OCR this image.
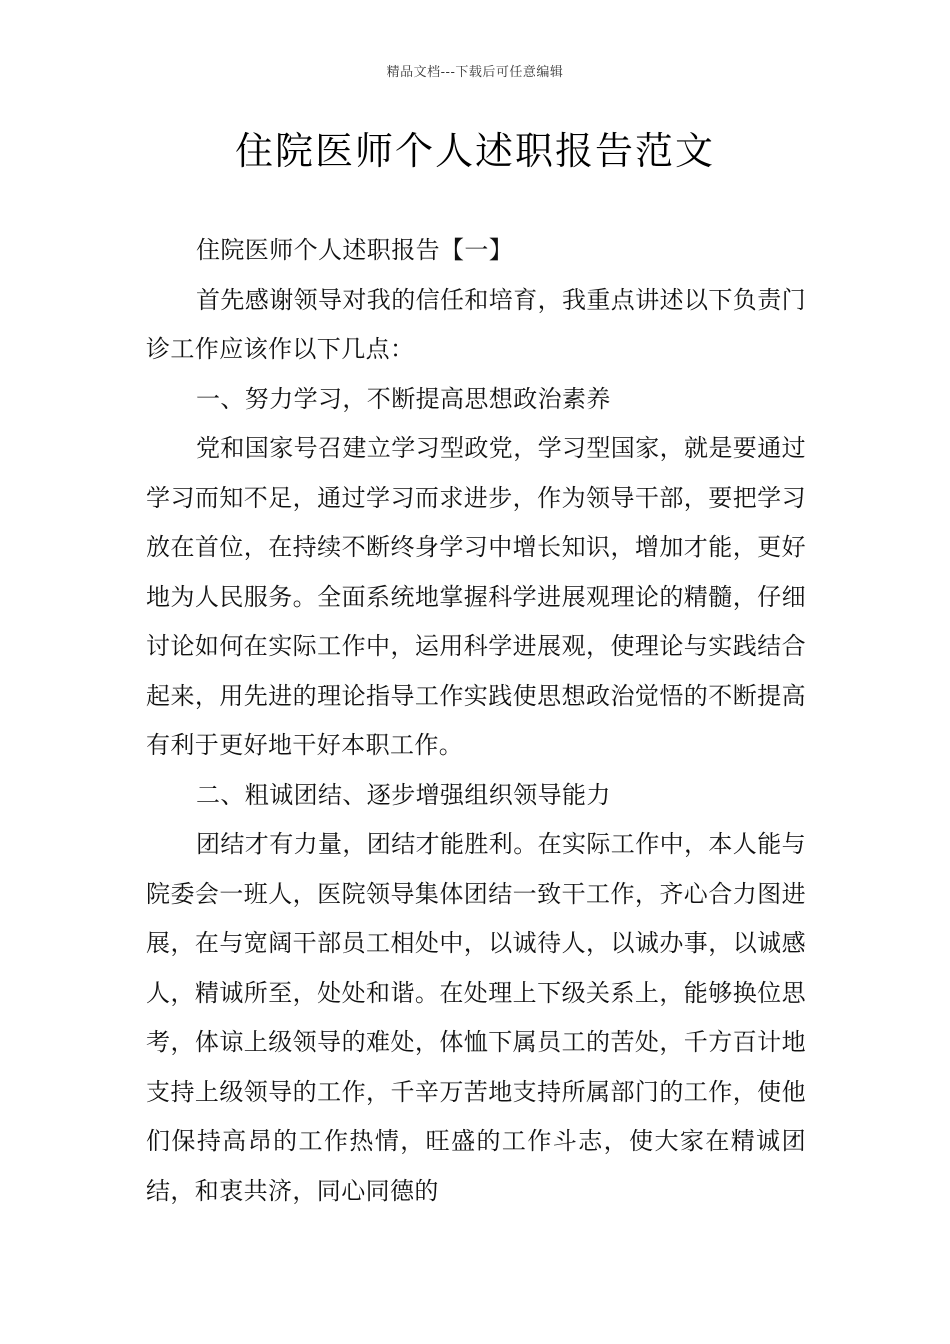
精品文档---下载后可任意编辑
住院医师个人述职报告范文

住院医师个人述职报告【一】

首先感谢领导对我的信任和培育，我重点讲述以下负责门诊工作应该作以下几点：

一、努力学习，不断提高思想政治素养

党和国家号召建立学习型政党，学习型国家，就是要通过学习而知不足，通过学习而求进步，作为领导干部，要把学习放在首位，在持续不断终身学习中增长知识，增加才能，更好地为人民服务。全面系统地掌握科学进展观理论的精髓，仔细讨论如何在实际工作中，运用科学进展观，使理论与实践结合起来，用先进的理论指导工作实践使思想政治觉悟的不断提高有利于更好地干好本职工作。

二、粗诚团结、逐步增强组织领导能力

团结才有力量，团结才能胜利。在实际工作中，本人能与院委会一班人，医院领导集体团结一致干工作，齐心合力图进展，在与宽阔干部员工相处中，以诚待人，以诚办事，以诚感人，精诚所至，处处和谐。在处理上下级关系上，能够换位思考，体谅上级领导的难处，体恤下属员工的苦处，千方百计地支持上级领导的工作，千辛万苦地支持所属部门的工作，使他们保持高昂的工作热情，旺盛的工作斗志，使大家在精诚团结，和衷共济，同心同德的
